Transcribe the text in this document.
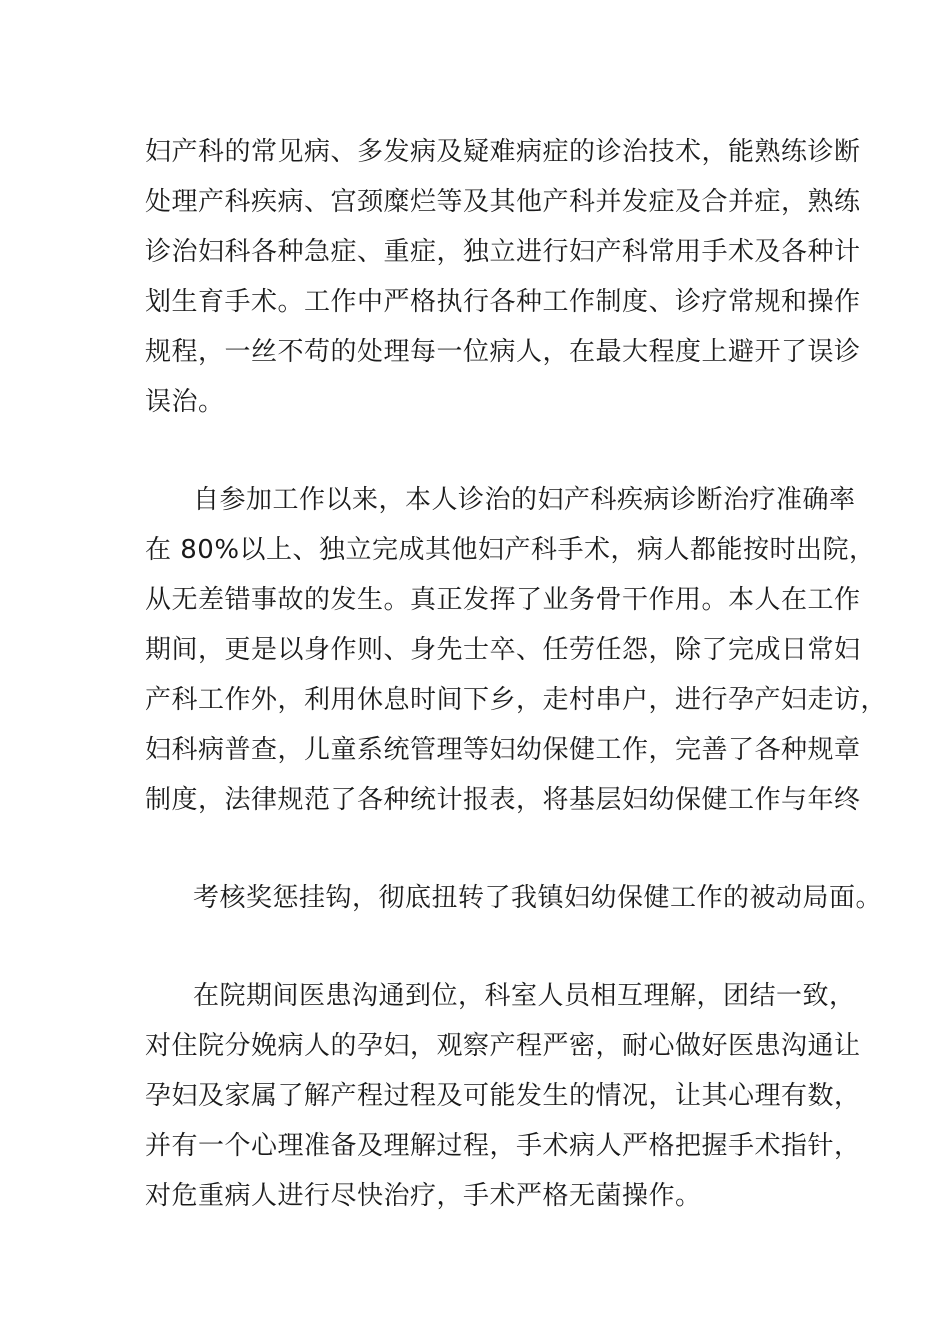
妇产科的常见病、多发病及疑难病症的诊治技术，能熟练诊断
处理产科疾病、宫颈糜烂等及其他产科并发症及合并症，熟练
诊治妇科各种急症、重症，独立进行妇产科常用手术及各种计
划生育手术。工作中严格执行各种工作制度、诊疗常规和操作
规程，一丝不苟的处理每一位病人，在最大程度上避开了误诊
误治。
自参加工作以来，本人诊治的妇产科疾病诊断治疗准确率
在 80%以上、独立完成其他妇产科手术，病人都能按时出院，
从无差错事故的发生。真正发挥了业务骨干作用。本人在工作
期间，更是以身作则、身先士卒、任劳任怨，除了完成日常妇
产科工作外，利用休息时间下乡，走村串户，进行孕产妇走访，
妇科病普查，儿童系统管理等妇幼保健工作，完善了各种规章
制度，法律规范了各种统计报表，将基层妇幼保健工作与年终
考核奖惩挂钩，彻底扭转了我镇妇幼保健工作的被动局面。
在院期间医患沟通到位，科室人员相互理解，团结一致，
对住院分娩病人的孕妇，观察产程严密，耐心做好医患沟通让
孕妇及家属了解产程过程及可能发生的情况，让其心理有数，
并有一个心理准备及理解过程，手术病人严格把握手术指针，
对危重病人进行尽快治疗，手术严格无菌操作。
